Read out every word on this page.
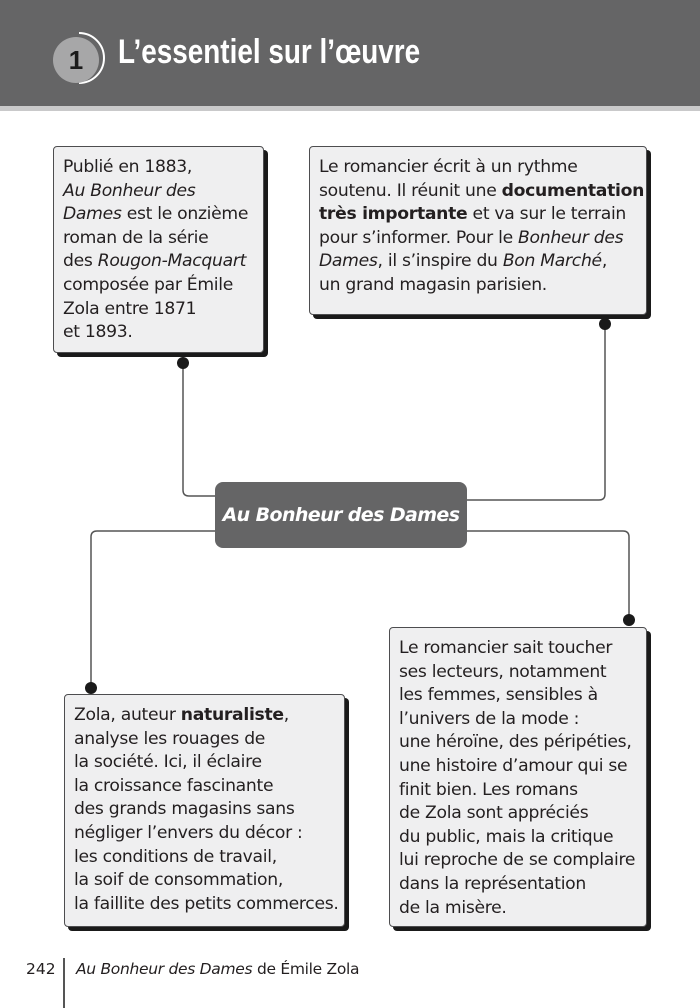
1	L’essentiel sur l’œuvre
Publié en 1883,
Au Bonheur des
Dames est le onzième
roman de la série
des Rougon-Macquart
composée par Émile
Zola entre 1871
et 1893.
Le romancier écrit à un rythme
soutenu. Il réunit une documentation
très importante et va sur le terrain
pour s’informer. Pour le Bonheur des
Dames, il s’inspire du Bon Marché,
un grand magasin parisien.
Au Bonheur des Dames
Zola, auteur naturaliste,
analyse les rouages de
la société. Ici, il éclaire
la croissance fascinante
des grands magasins sans
négliger l’envers du décor :
les conditions de travail,
la soif de consommation,
la faillite des petits commerces.
Le romancier sait toucher
ses lecteurs, notamment
les femmes, sensibles à
l’univers de la mode :
une héroïne, des péripéties,
une histoire d’amour qui se
finit bien. Les romans
de Zola sont appréciés
du public, mais la critique
lui reproche de se complaire
dans la représentation
de la misère.
242 Au Bonheur des Dames de Émile Zola
